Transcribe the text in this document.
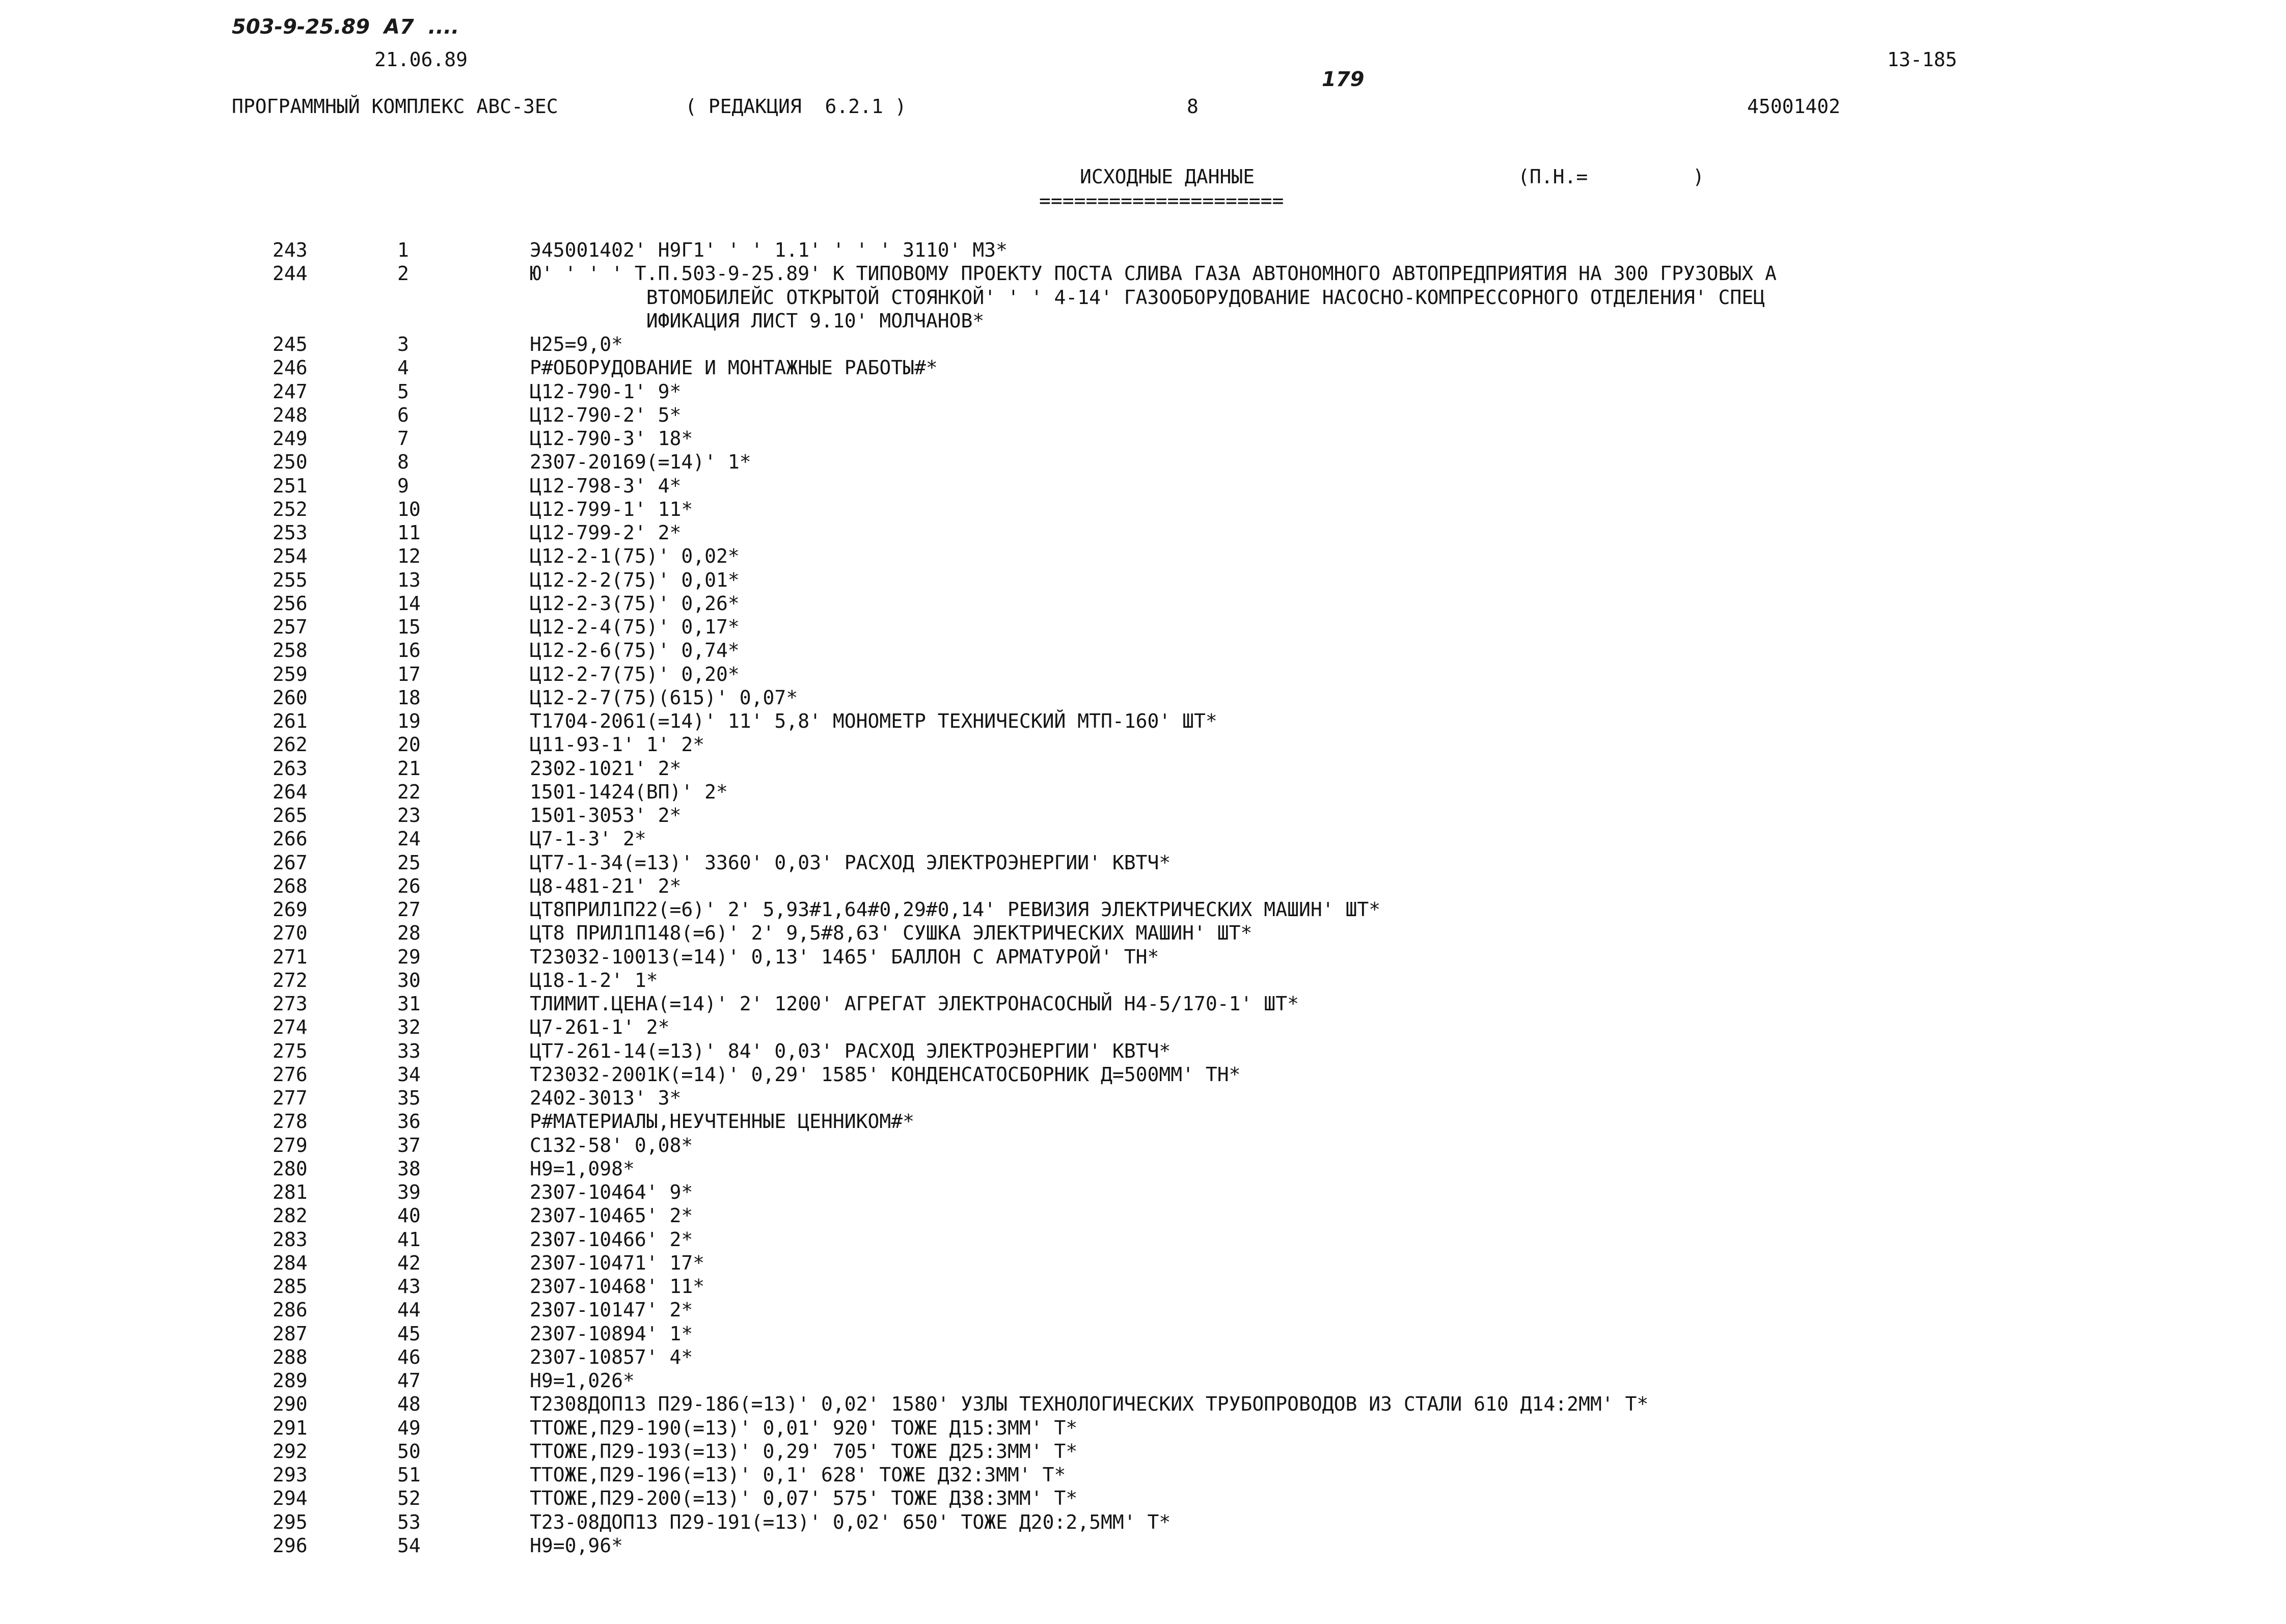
503-9-25.89  А7  ....
21.06.89
179
13-185
ПРОГРАММНЫЙ КОМПЛЕКС АВС-3ЕС	( РЕДАКЦИЯ  6.2.1 )	8	45001402
ИСХОДНЫЕ ДАННЫЕ
=====================
(П.Н.=         )
243	1	Э45001402' Н9Г1' ' ' 1.1' ' ' ' 3110' М3*
244	2	Ю' ' ' ' Т.П.503-9-25.89' К ТИПОВОМУ ПРОЕКТУ ПОСТА СЛИВА ГАЗА АВТОНОМНОГО АВТОПРЕДПРИЯТИЯ НА 300 ГРУЗОВЫХ А
ВТОМОБИЛЕЙС ОТКРЫТОЙ СТОЯНКОЙ' ' ' 4-14' ГАЗООБОРУДОВАНИЕ НАСОСНО-КОМПРЕССОРНОГО ОТДЕЛЕНИЯ' СПЕЦ
ИФИКАЦИЯ ЛИСТ 9.10' МОЛЧАНОВ*
245	3	Н25=9,0*
246	4	Р#ОБОРУДОВАНИЕ И МОНТАЖНЫЕ РАБОТЫ#*
247	5	Ц12-790-1' 9*
248	6	Ц12-790-2' 5*
249	7	Ц12-790-3' 18*
250	8	2307-20169(=14)' 1*
251	9	Ц12-798-3' 4*
252	10	Ц12-799-1' 11*
253	11	Ц12-799-2' 2*
254	12	Ц12-2-1(75)' 0,02*
255	13	Ц12-2-2(75)' 0,01*
256	14	Ц12-2-3(75)' 0,26*
257	15	Ц12-2-4(75)' 0,17*
258	16	Ц12-2-6(75)' 0,74*
259	17	Ц12-2-7(75)' 0,20*
260	18	Ц12-2-7(75)(615)' 0,07*
261	19	Т1704-2061(=14)' 11' 5,8' МОНОМЕТР ТЕХНИЧЕСКИЙ МТП-160' ШТ*
262	20	Ц11-93-1' 1' 2*
263	21	2302-1021' 2*
264	22	1501-1424(ВП)' 2*
265	23	1501-3053' 2*
266	24	Ц7-1-3' 2*
267	25	ЦТ7-1-34(=13)' 3360' 0,03' РАСХОД ЭЛЕКТРОЭНЕРГИИ' КВТЧ*
268	26	Ц8-481-21' 2*
269	27	ЦТ8ПРИЛ1П22(=6)' 2' 5,93#1,64#0,29#0,14' РЕВИЗИЯ ЭЛЕКТРИЧЕСКИХ МАШИН' ШТ*
270	28	ЦТ8 ПРИЛ1П148(=6)' 2' 9,5#8,63' СУШКА ЭЛЕКТРИЧЕСКИХ МАШИН' ШТ*
271	29	Т23032-10013(=14)' 0,13' 1465' БАЛЛОН С АРМАТУРОЙ' ТН*
272	30	Ц18-1-2' 1*
273	31	ТЛИМИТ.ЦЕНА(=14)' 2' 1200' АГРЕГАТ ЭЛЕКТРОНАСОСНЫЙ Н4-5/170-1' ШТ*
274	32	Ц7-261-1' 2*
275	33	ЦТ7-261-14(=13)' 84' 0,03' РАСХОД ЭЛЕКТРОЭНЕРГИИ' КВТЧ*
276	34	Т23032-2001К(=14)' 0,29' 1585' КОНДЕНСАТОСБОРНИК Д=500ММ' ТН*
277	35	2402-3013' 3*
278	36	Р#МАТЕРИАЛЫ,НЕУЧТЕННЫЕ ЦЕННИКОМ#*
279	37	С132-58' 0,08*
280	38	Н9=1,098*
281	39	2307-10464' 9*
282	40	2307-10465' 2*
283	41	2307-10466' 2*
284	42	2307-10471' 17*
285	43	2307-10468' 11*
286	44	2307-10147' 2*
287	45	2307-10894' 1*
288	46	2307-10857' 4*
289	47	Н9=1,026*
290	48	Т2308ДОП13 П29-186(=13)' 0,02' 1580' УЗЛЫ ТЕХНОЛОГИЧЕСКИХ ТРУБОПРОВОДОВ ИЗ СТАЛИ 610 Д14:2ММ' Т*
291	49	ТТОЖЕ,П29-190(=13)' 0,01' 920' ТОЖЕ Д15:3ММ' Т*
292	50	ТТОЖЕ,П29-193(=13)' 0,29' 705' ТОЖЕ Д25:3ММ' Т*
293	51	ТТОЖЕ,П29-196(=13)' 0,1' 628' ТОЖЕ Д32:3ММ' Т*
294	52	ТТОЖЕ,П29-200(=13)' 0,07' 575' ТОЖЕ Д38:3ММ' Т*
295	53	Т23-08ДОП13 П29-191(=13)' 0,02' 650' ТОЖЕ Д20:2,5ММ' Т*
296	54	Н9=0,96*
